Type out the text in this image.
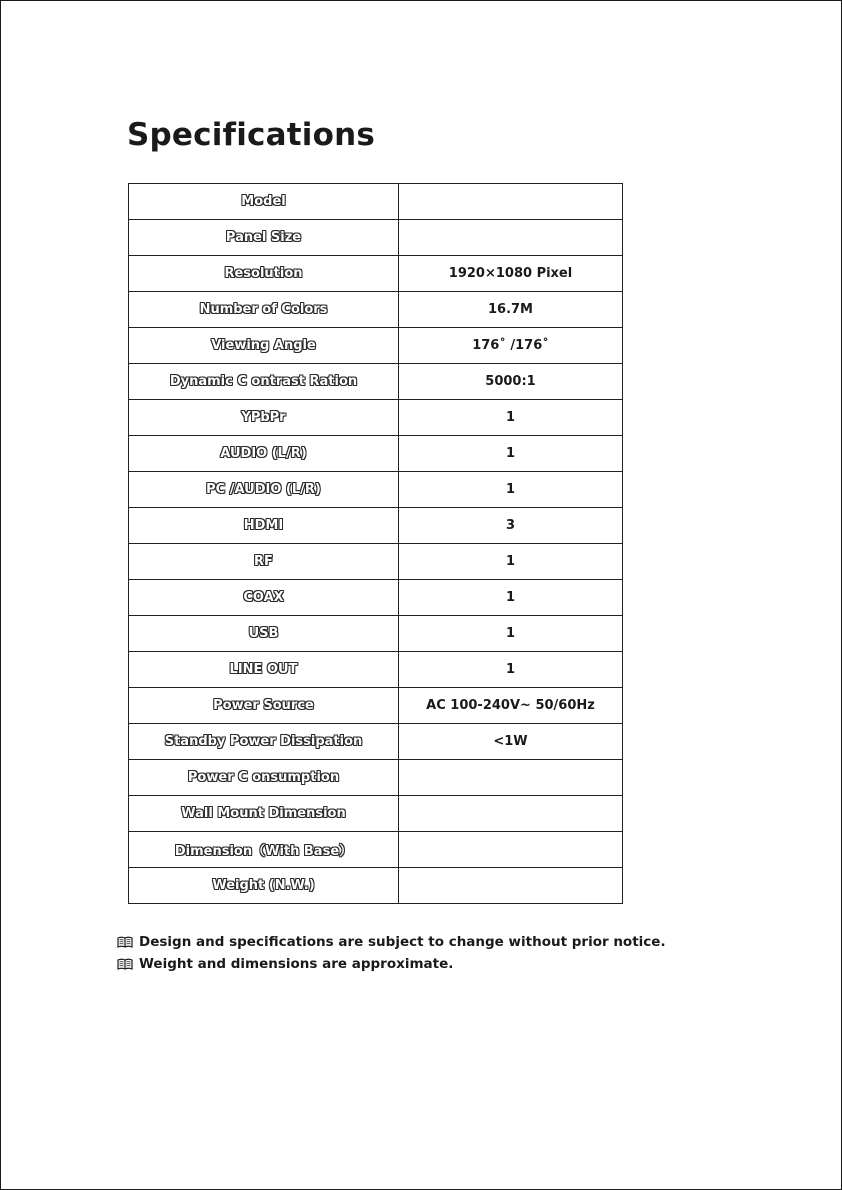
Specifications
Model	
Panel Size	
Resolution	1920×1080 Pixel
Number of Colors	16.7M
Viewing Angle	176˚ /176˚
Dynamic C ontrast Ration	5000:1
YPbPr	1
AUDIO (L/R)	1
PC /AUDIO (L/R)	1
HDMI	3
RF	1
COAX	1
USB	1
LINE OUT	1
Power Source	AC 100-240V~ 50/60Hz
Standby Power Dissipation	<1W
Power C onsumption	
Wall Mount Dimension	
Dimension（With Base）	
Weight (N.W.)	
Design and specifications are subject to change without prior notice.
Weight and dimensions are approximate.
